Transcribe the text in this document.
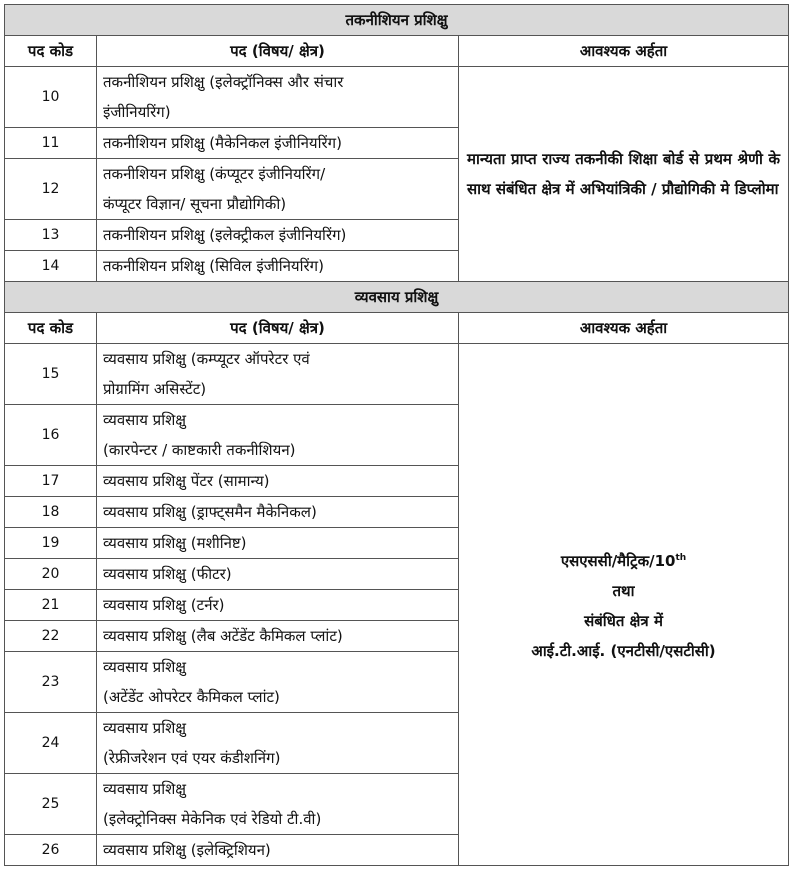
तकनीशियन प्रशिक्षु		
पद कोड	पद (विषय/ क्षेत्र)	आवश्यक अर्हता
10	तकनीशियन प्रशिक्षु (इलेक्ट्रॉनिक्स और संचार
इंजीनियरिंग)	मान्यता प्राप्त राज्य तकनीकी शिक्षा बोर्ड से प्रथम श्रेणी के साथ संबंधित क्षेत्र में अभियांत्रिकी / प्रौद्योगिकी मे डिप्लोमा
11	तकनीशियन प्रशिक्षु (मैकेनिकल इंजीनियरिंग)	

12	तकनीशियन प्रशिक्षु (कंप्यूटर इंजीनियरिंग/
कंप्यूटर विज्ञान/ सूचना प्रौद्योगिकी)	

13	तकनीशियन प्रशिक्षु (इलेक्ट्रीकल इंजीनियरिंग)	

14	तकनीशियन प्रशिक्षु (सिविल इंजीनियरिंग)	

व्यवसाय प्रशिक्षु		
पद कोड	पद (विषय/ क्षेत्र)	आवश्यक अर्हता
15	व्यवसाय प्रशिक्षु (कम्प्यूटर ऑपरेटर एवं
प्रोग्रामिंग असिस्टेंट)	एसएससी/मैट्रिक/10th
तथा
संबंधित क्षेत्र में
आई.टी.आई. (एनटीसी/एसटीसी)

16	व्यवसाय प्रशिक्षु
(कारपेन्टर / काष्टकारी तकनीशियन)	

17	व्यवसाय प्रशिक्षु पेंटर (सामान्य)	

18	व्यवसाय प्रशिक्षु (ड्राफ्ट्समैन मैकेनिकल)	

19	व्यवसाय प्रशिक्षु (मशीनिष्ट)	

20	व्यवसाय प्रशिक्षु (फीटर)	

21	व्यवसाय प्रशिक्षु (टर्नर)	

22	व्यवसाय प्रशिक्षु (लैब अटेंडेंट कैमिकल प्लांट)	

23	व्यवसाय प्रशिक्षु
(अटेंडेंट ओपरेटर कैमिकल प्लांट)	

24	व्यवसाय प्रशिक्षु
(रेफ्रीजरेशन एवं एयर कंडीशनिंग)	

25	व्यवसाय प्रशिक्षु
(इलेक्ट्रोनिक्स मेकेनिक एवं रेडियो टी.वी)	

26	व्यवसाय प्रशिक्षु (इलेक्ट्रिशियन)	
